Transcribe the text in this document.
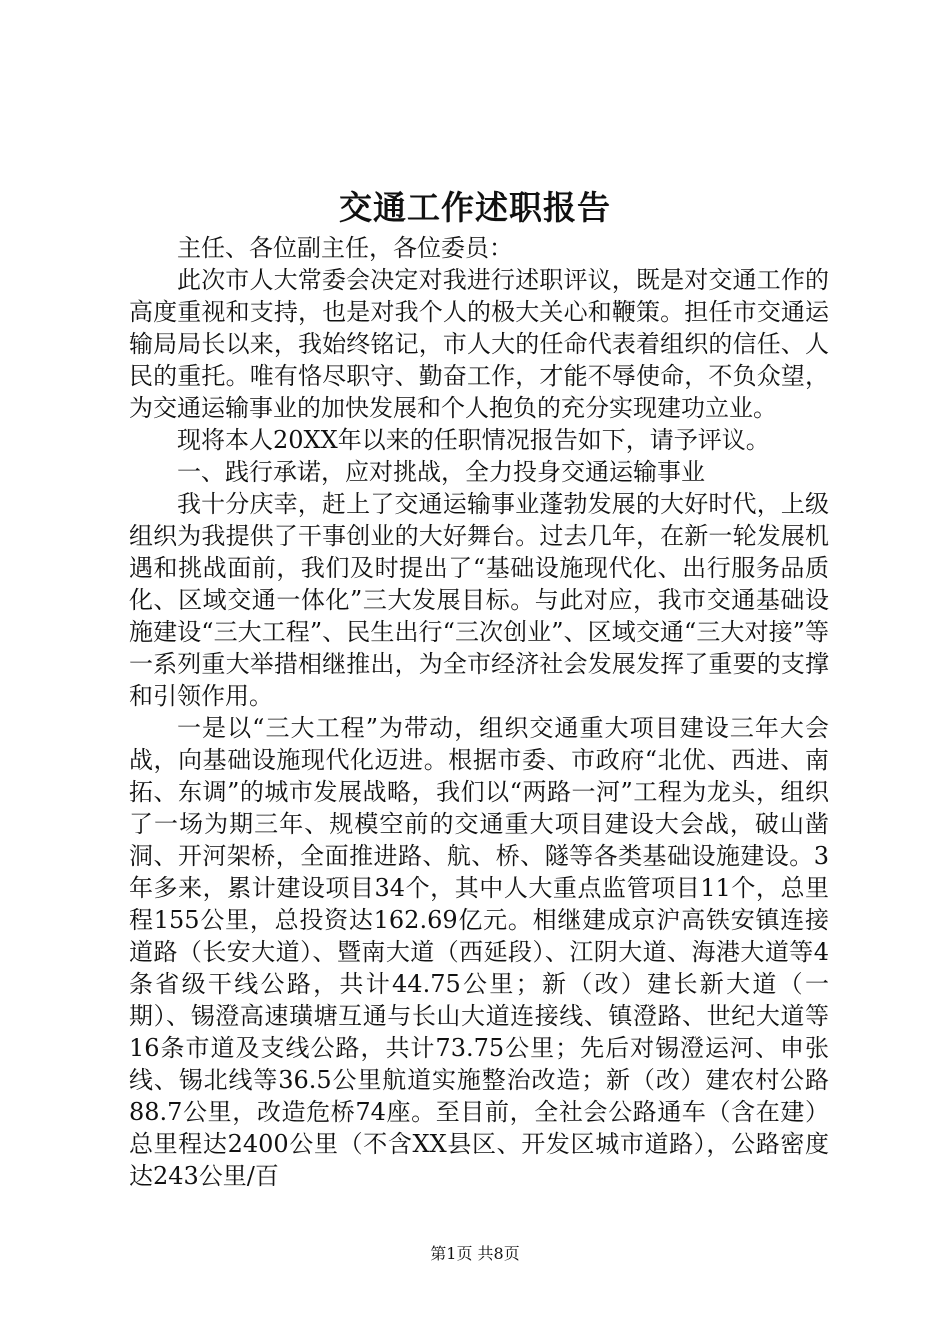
交通工作述职报告

主任、各位副主任，各位委员：

此次市人大常委会决定对我进行述职评议，既是对交通工作的高度重视和支持，也是对我个人的极大关心和鞭策。担任市交通运输局局长以来，我始终铭记，市人大的任命代表着组织的信任、人民的重托。唯有恪尽职守、勤奋工作，才能不辱使命，不负众望，为交通运输事业的加快发展和个人抱负的充分实现建功立业。

现将本人20XX年以来的任职情况报告如下，请予评议。

一、践行承诺，应对挑战，全力投身交通运输事业

我十分庆幸，赶上了交通运输事业蓬勃发展的大好时代，上级组织为我提供了干事创业的大好舞台。过去几年，在新一轮发展机遇和挑战面前，我们及时提出了“基础设施现代化、出行服务品质化、区域交通一体化”三大发展目标。与此对应，我市交通基础设施建设“三大工程”、民生出行“三次创业”、区域交通“三大对接”等一系列重大举措相继推出，为全市经济社会发展发挥了重要的支撑和引领作用。

一是以“三大工程”为带动，组织交通重大项目建设三年大会战，向基础设施现代化迈进。根据市委、市政府“北优、西进、南拓、东调”的城市发展战略，我们以“两路一河”工程为龙头，组织了一场为期三年、规模空前的交通重大项目建设大会战，破山凿洞、开河架桥，全面推进路、航、桥、隧等各类基础设施建设。3年多来，累计建设项目34个，其中人大重点监管项目11个，总里程155公里，总投资达162.69亿元。相继建成京沪高铁安镇连接道路（长安大道）、暨南大道（西延段）、江阴大道、海港大道等4条省级干线公路，共计44.75公里；新（改）建长新大道（一期）、锡澄高速璜塘互通与长山大道连接线、镇澄路、世纪大道等16条市道及支线公路，共计73.75公里；先后对锡澄运河、申张线、锡北线等36.5公里航道实施整治改造；新（改）建农村公路88.7公里，改造危桥74座。至目前，全社会公路通车（含在建）总里程达2400公里（不含XX县区、开发区城市道路），公路密度达243公里/百

第1页 共8页
